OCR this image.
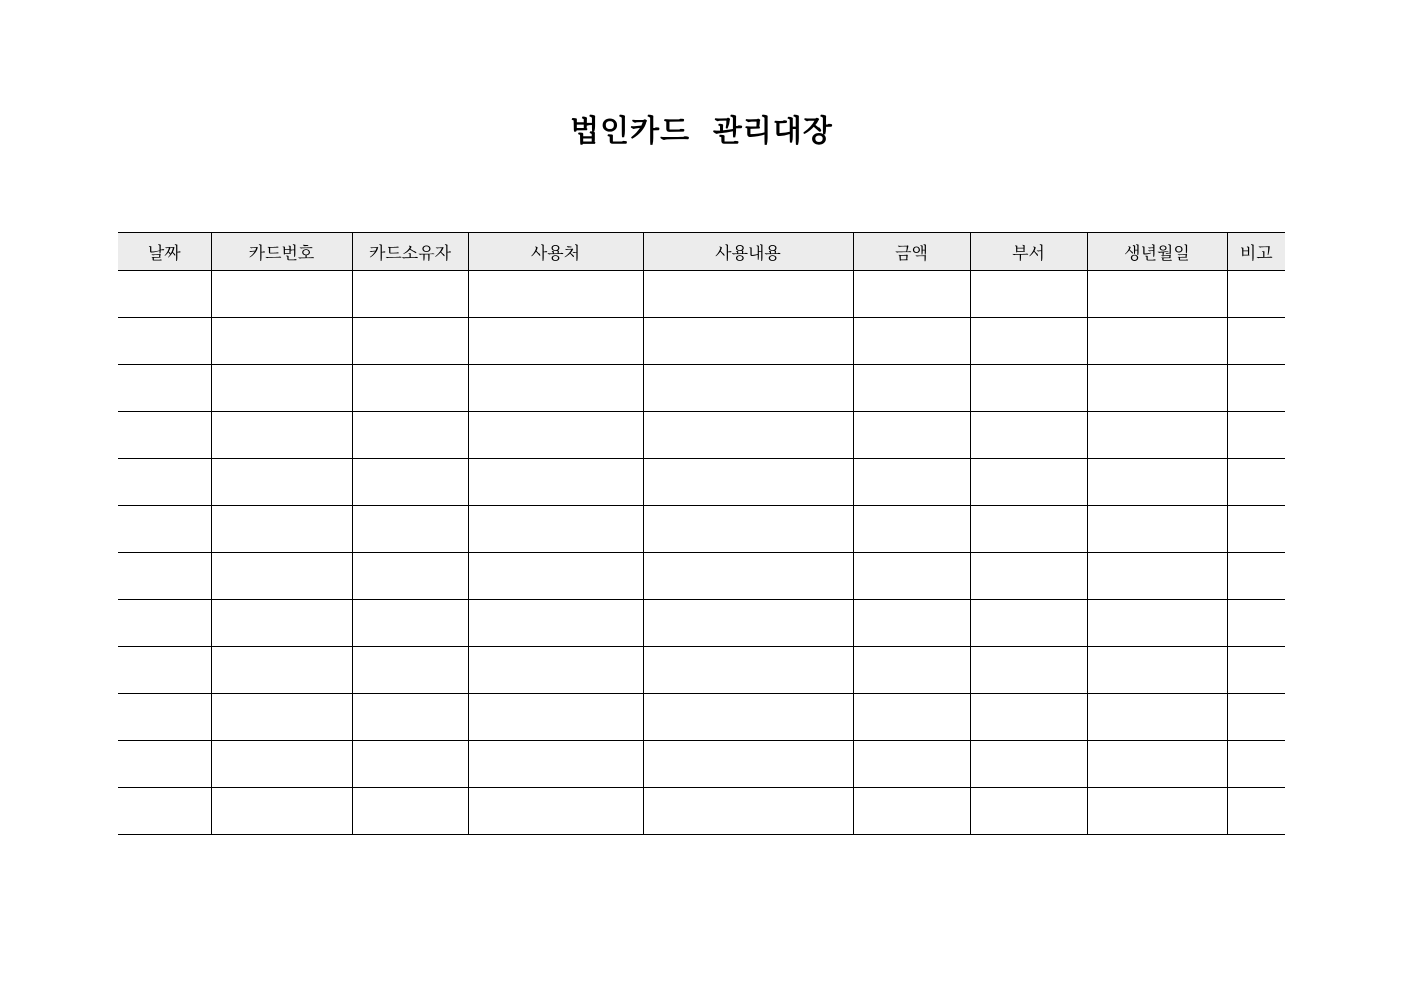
법인카드  관리대장
날짜	카드번호	카드소유자	사용처	사용내용	금액	부서	생년월일	비고
